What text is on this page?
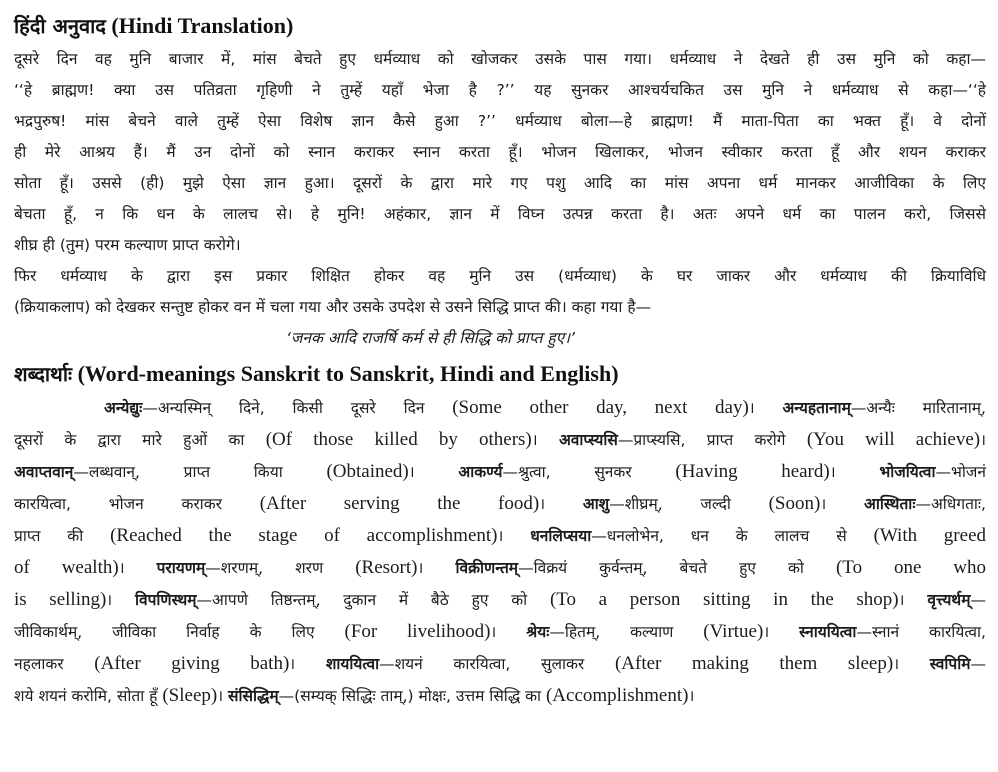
हिंदी अनुवाद (Hindi Translation)
दूसरे दिन वह मुनि बाजार में, मांस बेचते हुए धर्मव्याध को खोजकर उसके पास गया। धर्मव्याध ने देखते ही उस मुनि को कहा—
‘‘हे ब्राह्मण! क्या उस पतिव्रता गृहिणी ने तुम्हें यहाँ भेजा है ?’’ यह सुनकर आश्चर्यचकित उस मुनि ने धर्मव्याध से कहा—‘‘हे
भद्रपुरुष! मांस बेचने वाले तुम्हें ऐसा विशेष ज्ञान कैसे हुआ ?’’ धर्मव्याध बोला—हे ब्राह्मण! मैं माता-पिता का भक्त हूँ। वे दोनों
ही मेरे आश्रय हैं। मैं उन दोनों को स्नान कराकर स्नान करता हूँ। भोजन खिलाकर, भोजन स्वीकार करता हूँ और शयन कराकर
सोता हूँ। उससे (ही) मुझे ऐसा ज्ञान हुआ। दूसरों के द्वारा मारे गए पशु आदि का मांस अपना धर्म मानकर आजीविका के लिए
बेचता हूँ, न कि धन के लालच से। हे मुनि! अहंकार, ज्ञान में विघ्न उत्पन्न करता है। अतः अपने धर्म का पालन करो, जिससे
शीघ्र ही (तुम) परम कल्याण प्राप्त करोगे।
फिर धर्मव्याध के द्वारा इस प्रकार शिक्षित होकर वह मुनि उस (धर्मव्याध) के घर जाकर और धर्मव्याध की क्रियाविधि
(क्रियाकलाप) को देखकर सन्तुष्ट होकर वन में चला गया और उसके उपदेश से उसने सिद्धि प्राप्त की। कहा गया है—

‘जनक आदि राजर्षि कर्म से ही सिद्धि को प्राप्त हुए।’

शब्दार्थाः (Word-meanings Sanskrit to Sanskrit, Hindi and English)
अन्येद्युः—अन्यस्मिन् दिने, किसी दूसरे दिन (Some other day, next day)। अन्यहतानाम्—अन्यैः मारितानाम्,
दूसरों के द्वारा मारे हुओं का (Of those killed by others)। अवाप्स्यसि—प्राप्स्यसि, प्राप्त करोगे (You will achieve)।
अवाप्तवान्—लब्धवान्, प्राप्त किया (Obtained)। आकर्ण्य—श्रुत्वा, सुनकर (Having heard)। भोजयित्वा—भोजनं
कारयित्वा, भोजन कराकर (After serving the food)। आशु—शीघ्रम्, जल्दी (Soon)। आस्थिताः—अधिगताः,
प्राप्त की (Reached the stage of accomplishment)। धनलिप्सया—धनलोभेन, धन के लालच से (With greed
of wealth)। परायणम्—शरणम्, शरण (Resort)। विक्रीणन्तम्—विक्रयं कुर्वन्तम्, बेचते हुए को (To one who
is selling)। विपणिस्थम्—आपणे तिष्ठन्तम्, दुकान में बैठे हुए को (To a person sitting in the shop)। वृत्त्यर्थम्—
जीविकार्थम्, जीविका निर्वाह के लिए (For livelihood)। श्रेयः—हितम्, कल्याण (Virtue)। स्नाययित्वा—स्नानं कारयित्वा,
नहलाकर (After giving bath)। शाययित्वा—शयनं कारयित्वा, सुलाकर (After making them sleep)। स्वपिमि—
शये शयनं करोमि, सोता हूँ (Sleep)। संसिद्धिम्—(सम्यक् सिद्धिः ताम्,) मोक्षः, उत्तम सिद्धि का (Accomplishment)।
